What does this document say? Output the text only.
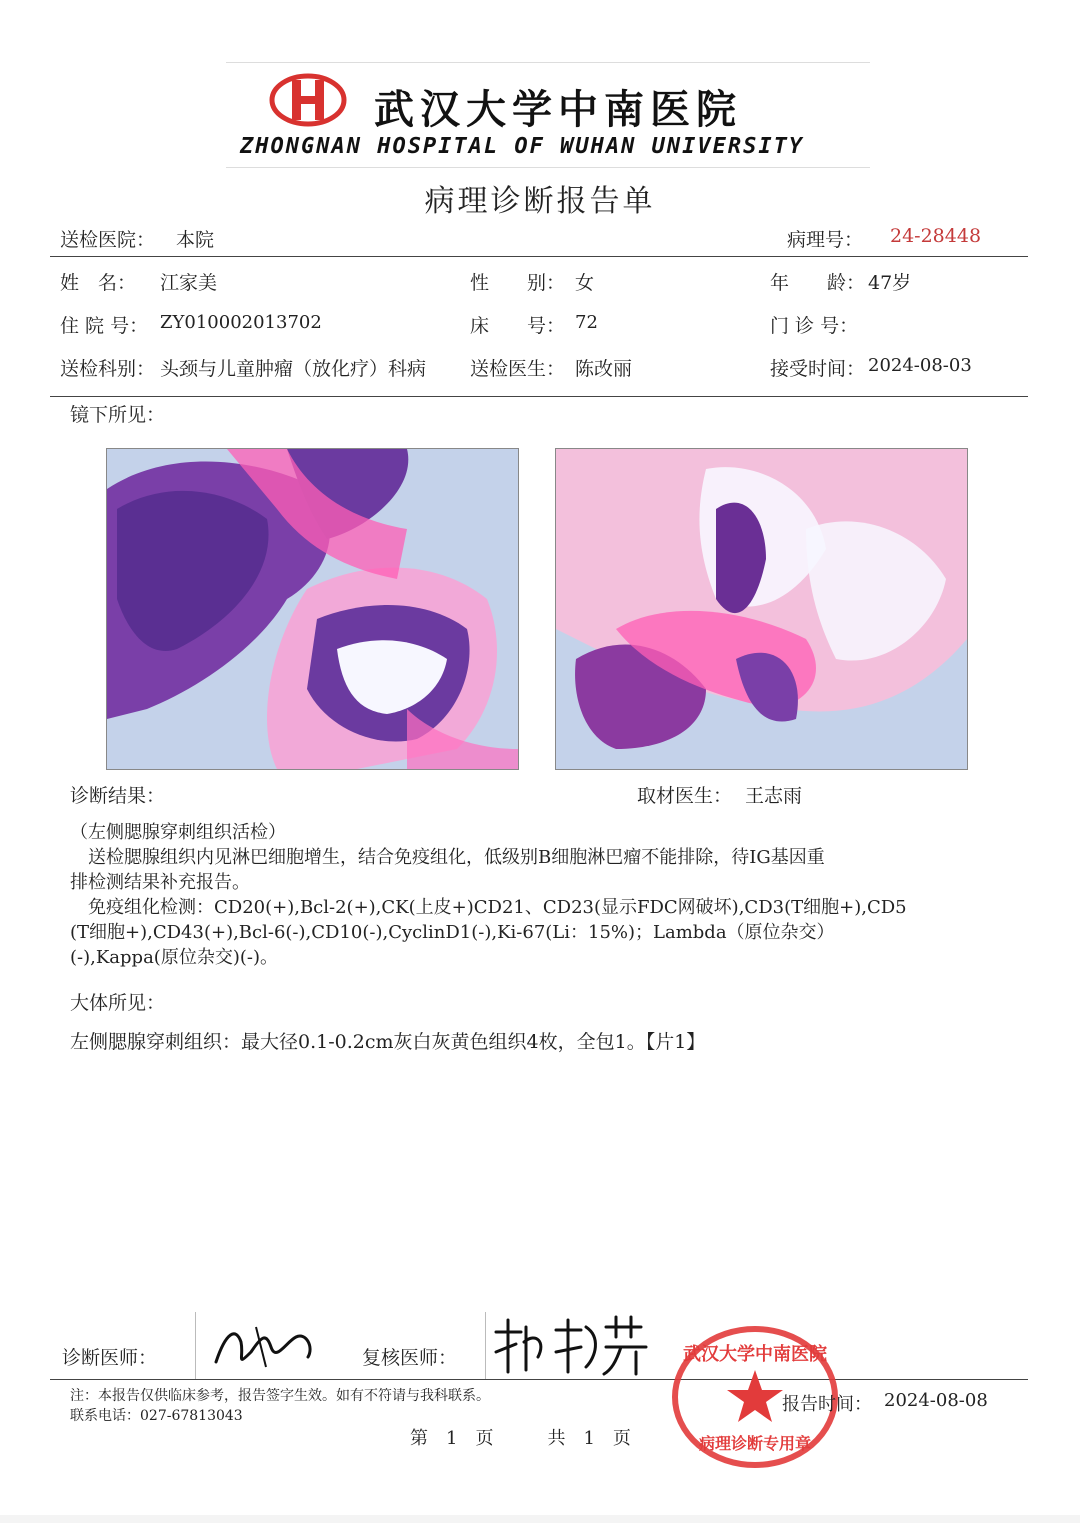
武汉大学中南医院
ZHONGNAN HOSPITAL OF WUHAN UNIVERSITY
病理诊断报告单
送检医院： 本院	病理号： 24-28448
姓　名： 江家美	性　　别： 女	年　　龄： 47岁
住 院 号： ZY010002013702	床　　号： 72	门 诊 号：
送检科别： 头颈与儿童肿瘤（放化疗）科病 送检医生： 陈改丽	接受时间： 2024-08-03
镜下所见：
诊断结果：	取材医生： 王志雨
（左侧腮腺穿刺组织活检）
　送检腮腺组织内见淋巴细胞增生，结合免疫组化，低级别B细胞淋巴瘤不能排除，待IG基因重
排检测结果补充报告。
　免疫组化检测：CD20(+),Bcl-2(+),CK(上皮+)CD21、CD23(显示FDC网破坏),CD3(T细胞+),CD5
(T细胞+),CD43(+),Bcl-6(-),CD10(-),CyclinD1(-),Ki-67(Li：15%)；Lambda（原位杂交）
(-),Kappa(原位杂交)(-)。
大体所见：
左侧腮腺穿刺组织：最大径0.1-0.2cm灰白灰黄色组织4枚，全包1。【片1】
诊断医师：	复核医师：	武汉大学中南医院
病理诊断专用章
报告时间： 2024-08-08
注：本报告仅供临床参考，报告签字生效。如有不符请与我科联系。
联系电话：027-67813043
第　1　页　　　共　1　页
